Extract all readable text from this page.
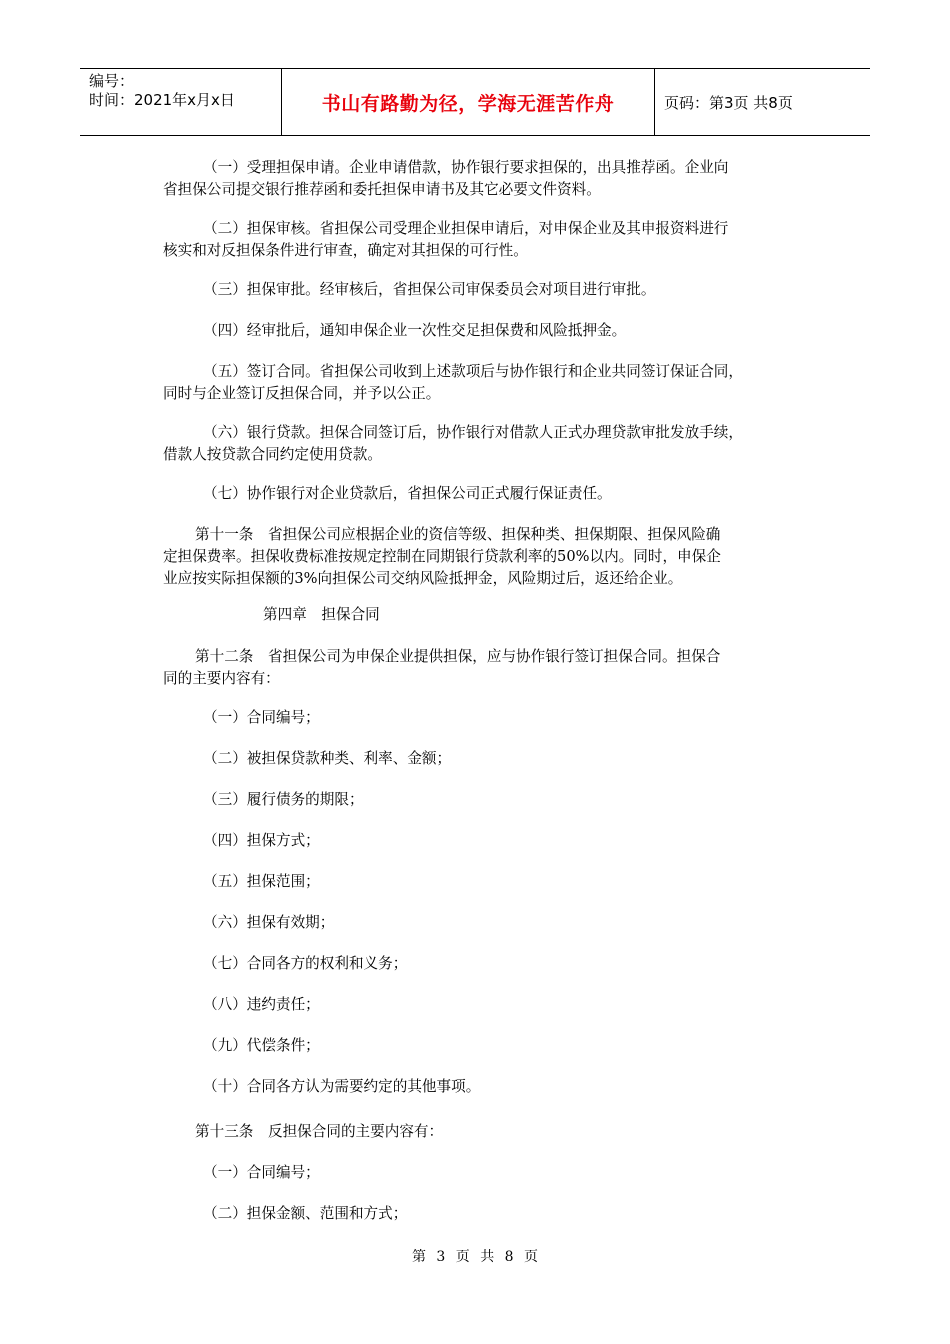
编号：
时间：2021年x月x日	书山有路勤为径，学海无涯苦作舟	页码：第3页 共8页
（一）受理担保申请。企业申请借款，协作银行要求担保的，出具推荐函。企业向
省担保公司提交银行推荐函和委托担保申请书及其它必要文件资料。
（二）担保审核。省担保公司受理企业担保申请后，对申保企业及其申报资料进行
核实和对反担保条件进行审查，确定对其担保的可行性。
（三）担保审批。经审核后，省担保公司审保委员会对项目进行审批。
（四）经审批后，通知申保企业一次性交足担保费和风险抵押金。
（五）签订合同。省担保公司收到上述款项后与协作银行和企业共同签订保证合同，
同时与企业签订反担保合同，并予以公正。
（六）银行贷款。担保合同签订后，协作银行对借款人正式办理贷款审批发放手续，
借款人按贷款合同约定使用贷款。
（七）协作银行对企业贷款后，省担保公司正式履行保证责任。
第十一条　省担保公司应根据企业的资信等级、担保种类、担保期限、担保风险确
定担保费率。担保收费标准按规定控制在同期银行贷款利率的50%以内。同时，申保企
业应按实际担保额的3%向担保公司交纳风险抵押金，风险期过后，返还给企业。
第四章　担保合同
第十二条　省担保公司为申保企业提供担保，应与协作银行签订担保合同。担保合
同的主要内容有：
（一）合同编号；
（二）被担保贷款种类、利率、金额；
（三）履行债务的期限；
（四）担保方式；
（五）担保范围；
（六）担保有效期；
（七）合同各方的权利和义务；
（八）违约责任；
（九）代偿条件；
（十）合同各方认为需要约定的其他事项。
第十三条　反担保合同的主要内容有：
（一）合同编号；
（二）担保金额、范围和方式；
第 3 页 共 8 页
